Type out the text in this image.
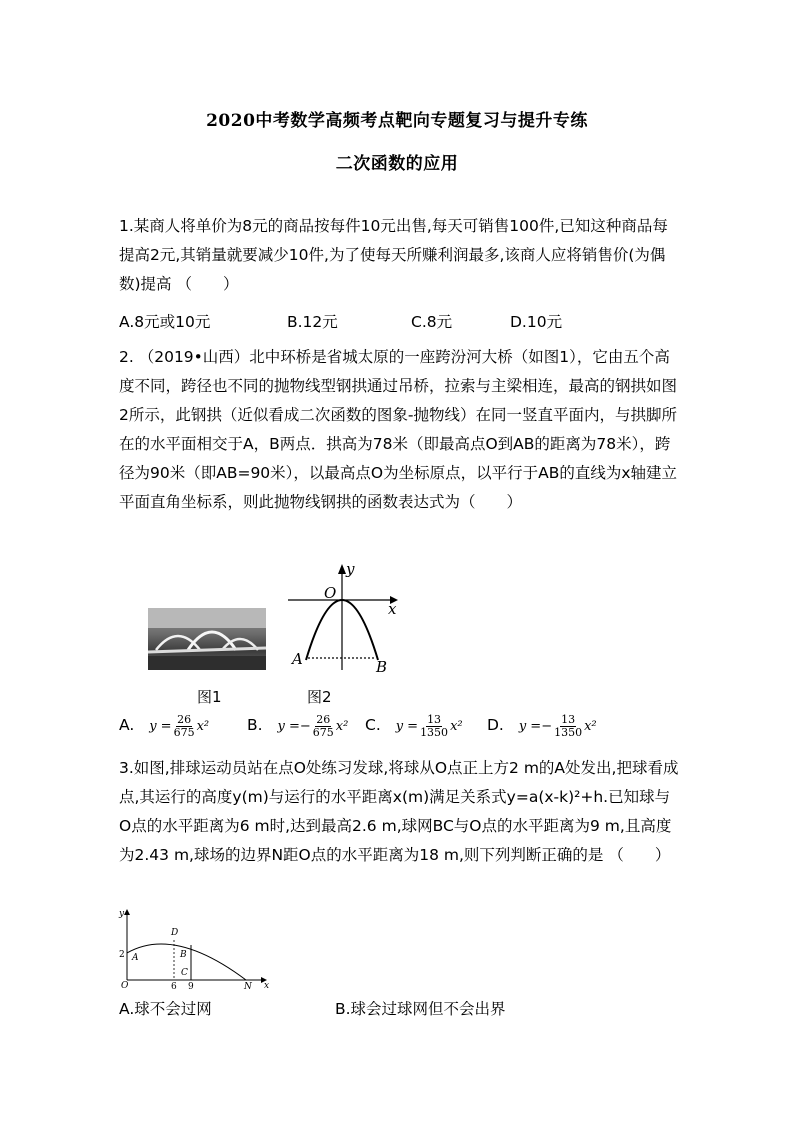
2020中考数学高频考点靶向专题复习与提升专练
二次函数的应用

1.某商人将单价为8元的商品按每件10元出售,每天可销售100件,已知这种商品每提高2元,其销量就要减少10件,为了使每天所赚利润最多,该商人应将销售价(为偶数)提高 （　　）

A.8元或10元	B.12元	C.8元	D.10元

2. （2019•山西）北中环桥是省城太原的一座跨汾河大桥（如图1），它由五个高度不同，跨径也不同的抛物线型钢拱通过吊桥，拉索与主梁相连，最高的钢拱如图2所示，此钢拱（近似看成二次函数的图象-抛物线）在同一竖直平面内，与拱脚所在的水平面相交于A，B两点．拱高为78米（即最高点O到AB的距离为78米），跨径为90米（即AB=90米），以最高点O为坐标原点，以平行于AB的直线为x轴建立平面直角坐标系，则此抛物线钢拱的函数表达式为（　　）

y
O
x
A	B
图1	图2
A. $y = \frac{26}{675} x^2$ B. y = − $\frac{26}{675} x^2$ C. $y = \frac{13}{1350} x^2$ D. y = − $\frac{13}{1350} x^2$

3.如图,排球运动员站在点O处练习发球,将球从O点正上方2 m的A处发出,把球看成点,其运行的高度y(m)与运行的水平距离x(m)满足关系式y=a(x-k)²+h.已知球与O点的水平距离为6 m时,达到最高2.6 m,球网BC与O点的水平距离为9 m,且高度为2.43 m,球场的边界N距O点的水平距离为18 m,则下列判断正确的是 （　　）

y
2 A
D
B
C
O	6 9	N x
A.球不会过网	B.球会过球网但不会出界
